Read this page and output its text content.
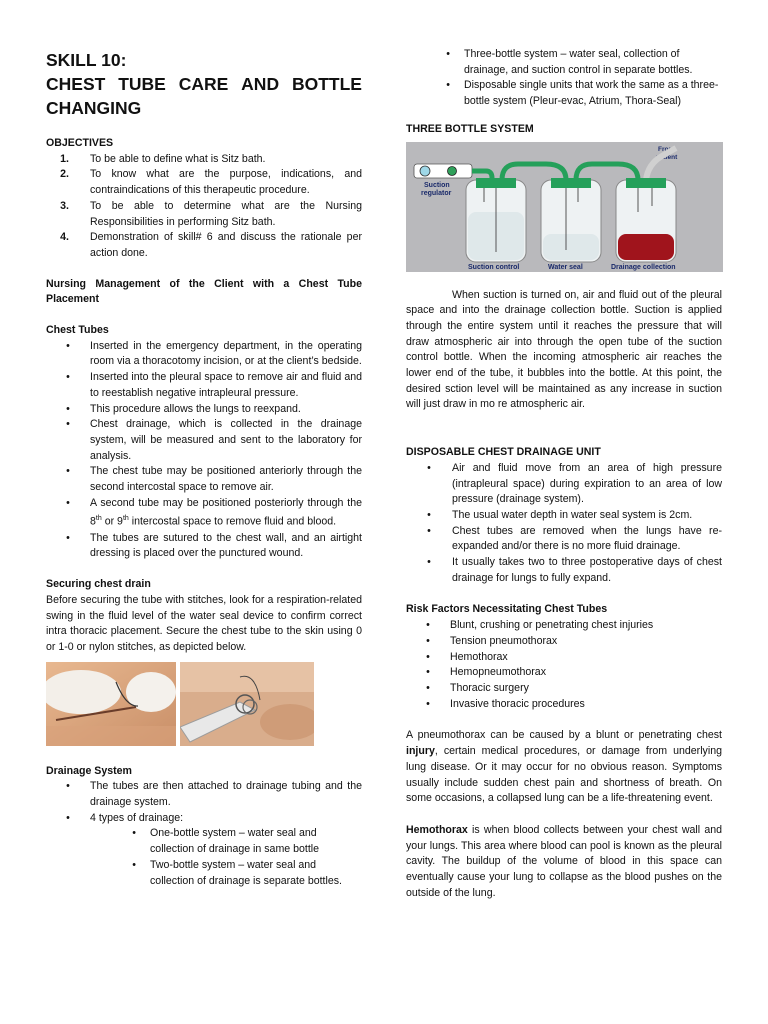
SKILL 10:
CHEST TUBE CARE AND BOTTLE
CHANGING
OBJECTIVES
1.	To be able to define what is Sitz bath.
2.	To know what are the purpose, indications, and contraindications of this therapeutic procedure.
3.	To be able to determine what are the Nursing Responsibilities in performing Sitz bath.
4.	Demonstration of skill# 6 and discuss the rationale per action done.

Nursing Management of the Client with a Chest Tube Placement

Chest Tubes
•	Inserted in the emergency department, in the operating room via a thoracotomy incision, or at the client’s bedside.
•	Inserted into the pleural space to remove air and fluid and to reestablish negative intrapleural pressure.
•	This procedure allows the lungs to reexpand.
•	Chest drainage, which is collected in the drainage system, will be measured and sent to the laboratory for analysis.
•	The chest tube may be positioned anteriorly through the second intercostal space to remove air.
•	A second tube may be positioned posteriorly through the 8th or 9th intercostal space to remove fluid and blood.
•	The tubes are sutured to the chest wall, and an airtight dressing is placed over the punctured wound.
Securing chest drain

Before securing the tube with stitches, look for a respiration-related swing in the fluid level of the water seal device to confirm correct intra thoracic placement. Secure the chest tube to the skin using 0 or 1-0 or nylon stitches, as depicted below.

Drainage System
•	The tubes are then attached to drainage tubing and the drainage system.
•	4 types of drainage:
•	One-bottle system – water seal and collection of drainage in same bottle
•	Two-bottle system – water seal and collection of drainage is separate bottles.
•	Three-bottle system – water seal, collection of drainage, and suction control in separate bottles.
•	Disposable single units that work the same as a three-bottle system (Pleur-evac, Atrium, Thora-Seal)
THREE BOTTLE SYSTEM
Suction
regulator
From
patient
Suction control	Water seal	Drainage collection

When suction is turned on, air and fluid out of the pleural space and into the drainage collection bottle. Suction is applied through the entire system until it reaches the pressure that will draw atmospheric air into through the open tube of the suction control bottle. When the incoming atmospheric air reaches the lower end of the tube, it bubbles into the bottle. At this point, the desired sction level will be maintained as any increase in suction will just draw in mo re atmospheric air.

DISPOSABLE CHEST DRAINAGE UNIT
•	Air and fluid move from an area of high pressure (intrapleural space) during expiration to an area of low pressure (drainage system).
•	The usual water depth in water seal system is 2cm.
•	Chest tubes are removed when the lungs have re-expanded and/or there is no more fluid drainage.
•	It usually takes two to three postoperative days of chest drainage for lungs to fully expand.
Risk Factors Necessitating Chest Tubes
•	Blunt, crushing or penetrating chest injuries
•	Tension pneumothorax
•	Hemothorax
•	Hemopneumothorax
•	Thoracic surgery
•	Invasive thoracic procedures

A pneumothorax can be caused by a blunt or penetrating chest injury, certain medical procedures, or damage from underlying lung disease. Or it may occur for no obvious reason. Symptoms usually include sudden chest pain and shortness of breath. On some occasions, a collapsed lung can be a life-threatening event.

Hemothorax is when blood collects between your chest wall and your lungs. This area where blood can pool is known as the pleural cavity. The buildup of the volume of blood in this space can eventually cause your lung to collapse as the blood pushes on the outside of the lung.
